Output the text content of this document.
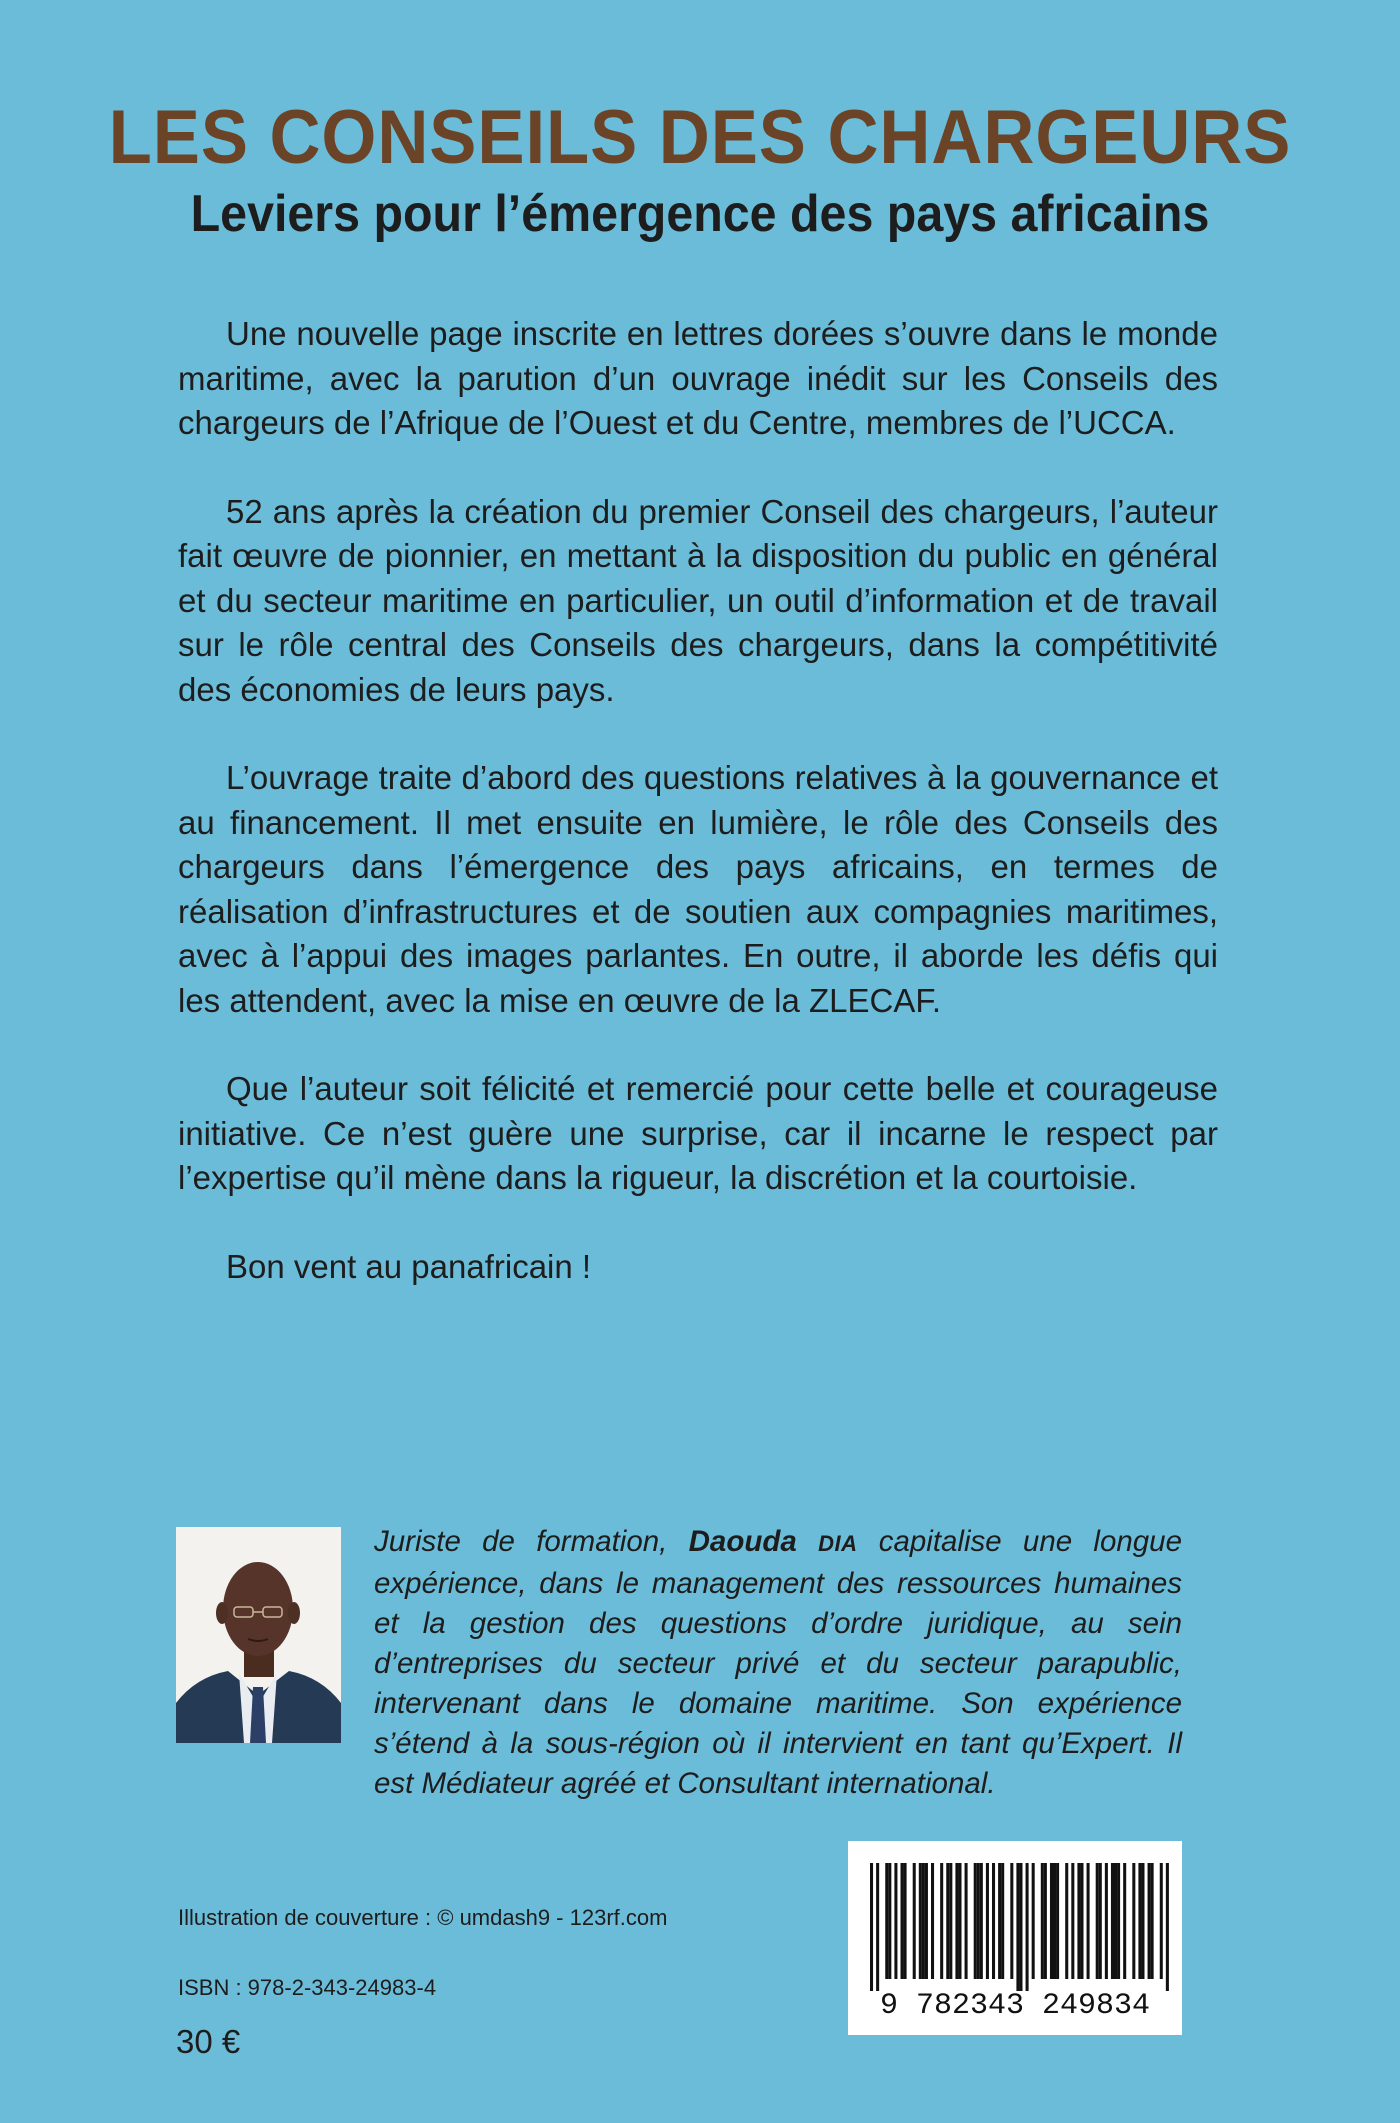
LES CONSEILS DES CHARGEURS
Leviers pour l’émergence des pays africains

Une nouvelle page inscrite en lettres dorées s’ouvre dans le monde maritime, avec la parution d’un ouvrage inédit sur les Conseils des chargeurs de l’Afrique de l’Ouest et du Centre, membres de l’UCCA.

52 ans après la création du premier Conseil des chargeurs, l’auteur fait œuvre de pionnier, en mettant à la disposition du public en général et du secteur maritime en particulier, un outil d’information et de travail sur le rôle central des Conseils des chargeurs, dans la compétitivité des économies de leurs pays.

L’ouvrage traite d’abord des questions relatives à la gouvernance et au financement. Il met ensuite en lumière, le rôle des Conseils des chargeurs dans l’émergence des pays africains, en termes de réalisation d’infrastructures et de soutien aux compagnies maritimes, avec à l’appui des images parlantes. En outre, il aborde les défis qui les attendent, avec la mise en œuvre de la ZLECAF.

Que l’auteur soit félicité et remercié pour cette belle et courageuse initiative. Ce n’est guère une surprise, car il incarne le respect par l’expertise qu’il mène dans la rigueur, la discrétion et la courtoisie.

Bon vent au panafricain !

Juriste de formation, Daouda DIA capitalise une longue expérience, dans le management des ressources humaines et la gestion des questions d’ordre juridique, au sein d’entreprises du secteur privé et du secteur parapublic, intervenant dans le domaine maritime. Son expérience s’étend à la sous-région où il intervient en tant qu’Expert. Il est Médiateur agréé et Consultant international.

Illustration de couverture : © umdash9 - 123rf.com

ISBN : 978-2-343-24983-4

30 €

9 782343 249834
